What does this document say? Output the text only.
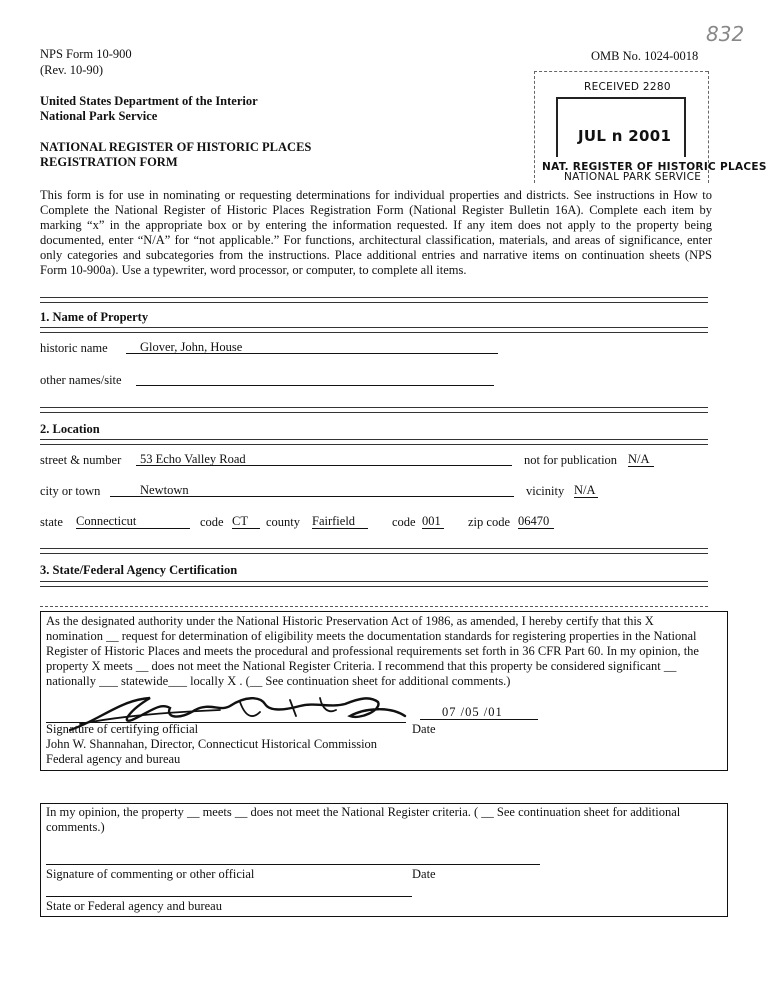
NPS Form 10-900
(Rev. 10-90)
OMB No. 1024-0018
832
United States Department of the Interior
National Park Service
NATIONAL REGISTER OF HISTORIC PLACES
REGISTRATION FORM
RECEIVED 2280
JUL n 2001
NAT. REGISTER OF HISTORIC PLACES
NATIONAL PARK SERVICE
This form is for use in nominating or requesting determinations for individual properties and districts. See instructions in How to Complete the National Register of Historic Places Registration Form (National Register Bulletin 16A). Complete each item by marking “x” in the appropriate box or by entering the information requested. If any item does not apply to the property being documented, enter “N/A” for “not applicable.” For functions, architectural classification, materials, and areas of significance, enter only categories and subcategories from the instructions. Place additional entries and narrative items on continuation sheets (NPS Form 10-900a). Use a typewriter, word processor, or computer, to complete all items.
1. Name of Property
historic name	Glover, John, House
other names/site
2. Location
street & number	53 Echo Valley Road	not for publication N/A
city or town	Newtown	vicinity N/A
state Connecticut	code CT	county Fairfield	code 001 zip code 06470
3. State/Federal Agency Certification
As the designated authority under the National Historic Preservation Act of 1986, as amended, I hereby certify that this X
nomination __ request for determination of eligibility meets the documentation standards for registering properties in the National
Register of Historic Places and meets the procedural and professional requirements set forth in 36 CFR Part 60. In my opinion, the
property X meets __ does not meet the National Register Criteria. I recommend that this property be considered significant __
nationally ___ statewide___ locally X . (__ See continuation sheet for additional comments.)
07 /05 /01
Signature of certifying official	Date
John W. Shannahan, Director, Connecticut Historical Commission
Federal agency and bureau
In my opinion, the property __ meets __ does not meet the National Register criteria. ( __ See continuation sheet for additional
comments.)
Signature of commenting or other official	Date
State or Federal agency and bureau
